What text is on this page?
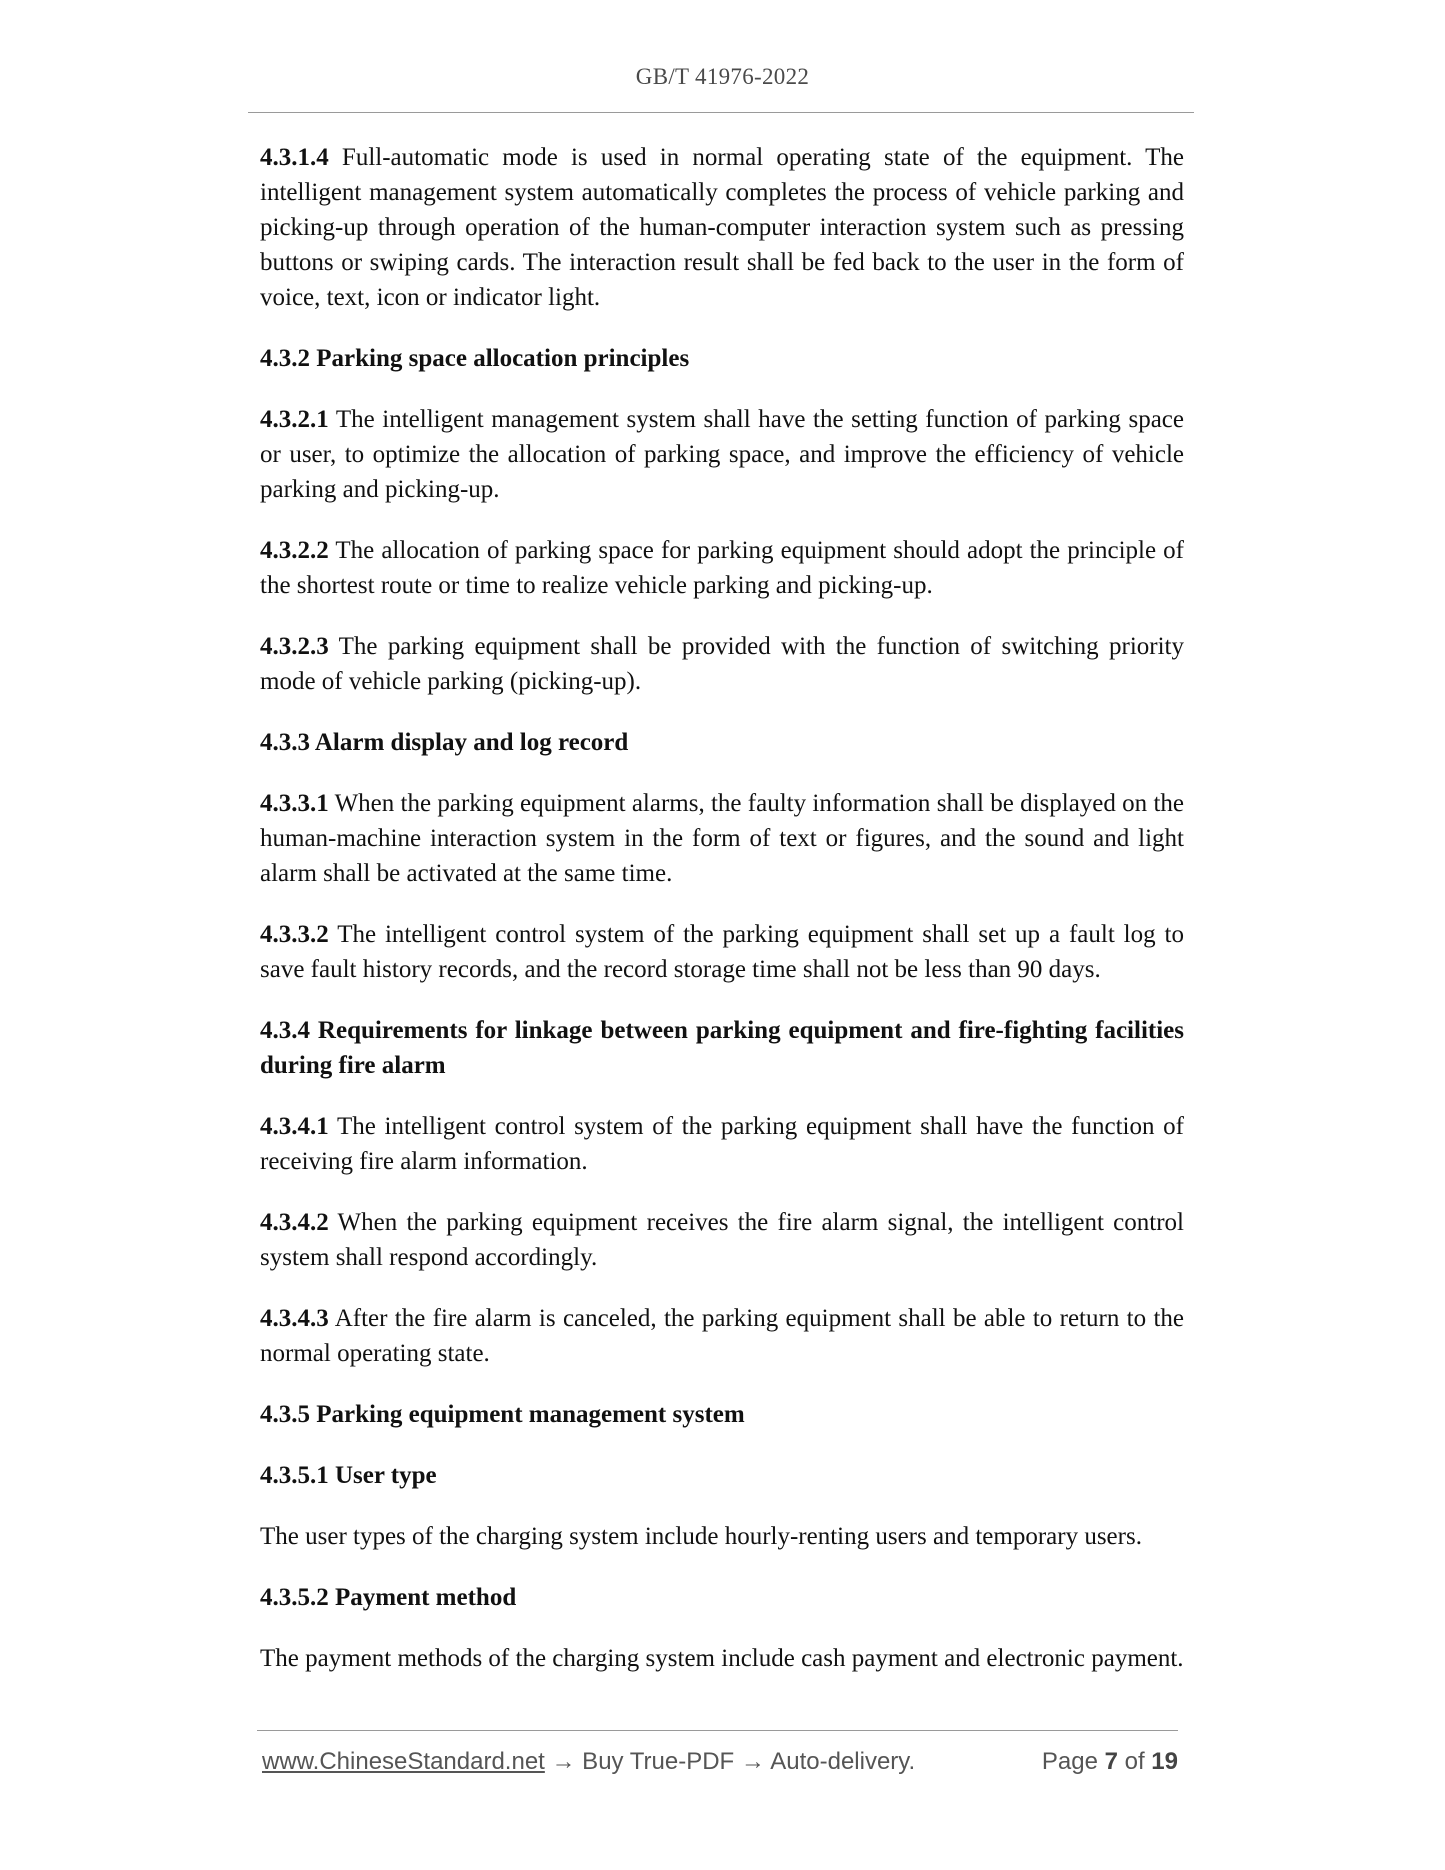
GB/T 41976-2022

4.3.1.4 Full-automatic mode is used in normal operating state of the equipment. The intelligent management system automatically completes the process of vehicle parking and picking-up through operation of the human-computer interaction system such as pressing buttons or swiping cards. The interaction result shall be fed back to the user in the form of voice, text, icon or indicator light.

4.3.2 Parking space allocation principles

4.3.2.1 The intelligent management system shall have the setting function of parking space or user, to optimize the allocation of parking space, and improve the efficiency of vehicle parking and picking-up.

4.3.2.2 The allocation of parking space for parking equipment should adopt the principle of the shortest route or time to realize vehicle parking and picking-up.

4.3.2.3 The parking equipment shall be provided with the function of switching priority mode of vehicle parking (picking-up).

4.3.3 Alarm display and log record

4.3.3.1 When the parking equipment alarms, the faulty information shall be displayed on the human-machine interaction system in the form of text or figures, and the sound and light alarm shall be activated at the same time.

4.3.3.2 The intelligent control system of the parking equipment shall set up a fault log to save fault history records, and the record storage time shall not be less than 90 days.

4.3.4 Requirements for linkage between parking equipment and fire-fighting facilities during fire alarm

4.3.4.1 The intelligent control system of the parking equipment shall have the function of receiving fire alarm information.

4.3.4.2 When the parking equipment receives the fire alarm signal, the intelligent control system shall respond accordingly.

4.3.4.3 After the fire alarm is canceled, the parking equipment shall be able to return to the normal operating state.

4.3.5 Parking equipment management system

4.3.5.1 User type

The user types of the charging system include hourly-renting users and temporary users.

4.3.5.2 Payment method

The payment methods of the charging system include cash payment and electronic payment.

www.ChineseStandard.net → Buy True-PDF → Auto-delivery.	Page 7 of 19
